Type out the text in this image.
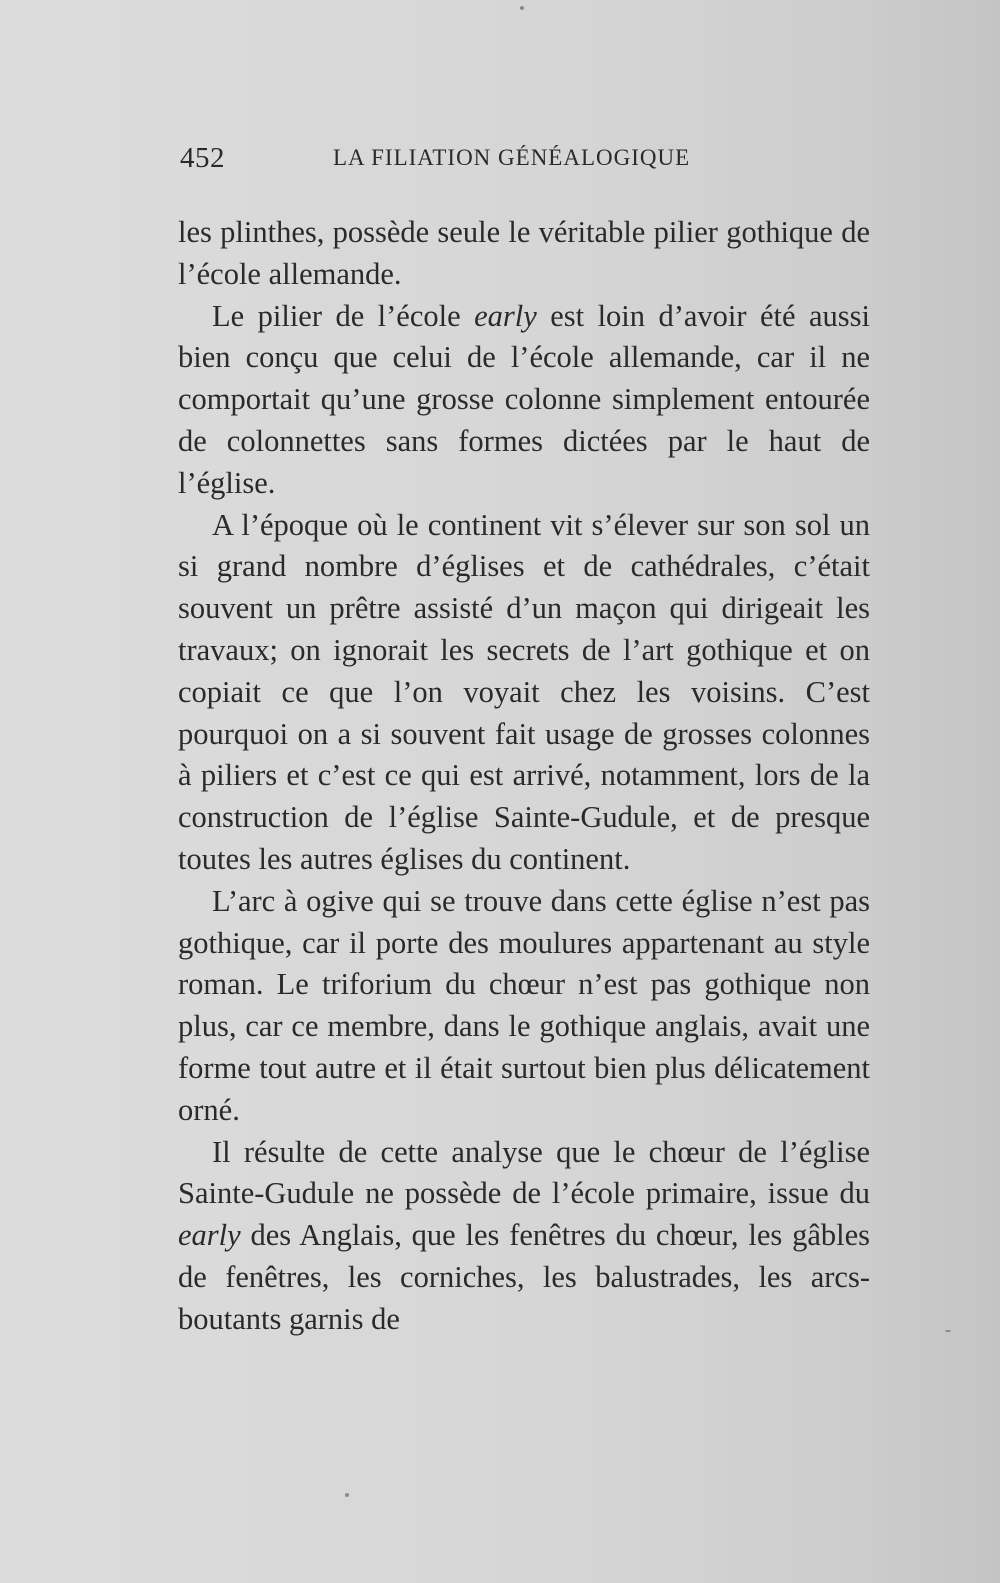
452	LA FILIATION GÉNÉALOGIQUE

les plinthes, possède seule le véritable pilier gothique de l’école allemande.

Le pilier de l’école early est loin d’avoir été aussi bien conçu que celui de l’école allemande, car il ne comportait qu’une grosse colonne simplement entourée de colonnettes sans formes dictées par le haut de l’église.

A l’époque où le continent vit s’élever sur son sol un si grand nombre d’églises et de cathédrales, c’était souvent un prêtre assisté d’un maçon qui dirigeait les travaux; on ignorait les secrets de l’art gothique et on copiait ce que l’on voyait chez les voisins. C’est pourquoi on a si souvent fait usage de grosses colonnes à piliers et c’est ce qui est arrivé, notamment, lors de la construction de l’église Sainte-Gudule, et de presque toutes les autres églises du continent.

L’arc à ogive qui se trouve dans cette église n’est pas gothique, car il porte des moulures appartenant au style roman. Le triforium du chœur n’est pas gothique non plus, car ce membre, dans le gothique anglais, avait une forme tout autre et il était surtout bien plus délicatement orné.

Il résulte de cette analyse que le chœur de l’église Sainte-Gudule ne possède de l’école primaire, issue du early des Anglais, que les fenêtres du chœur, les gâbles de fenêtres, les corniches, les balustrades, les arcs-boutants garnis de
